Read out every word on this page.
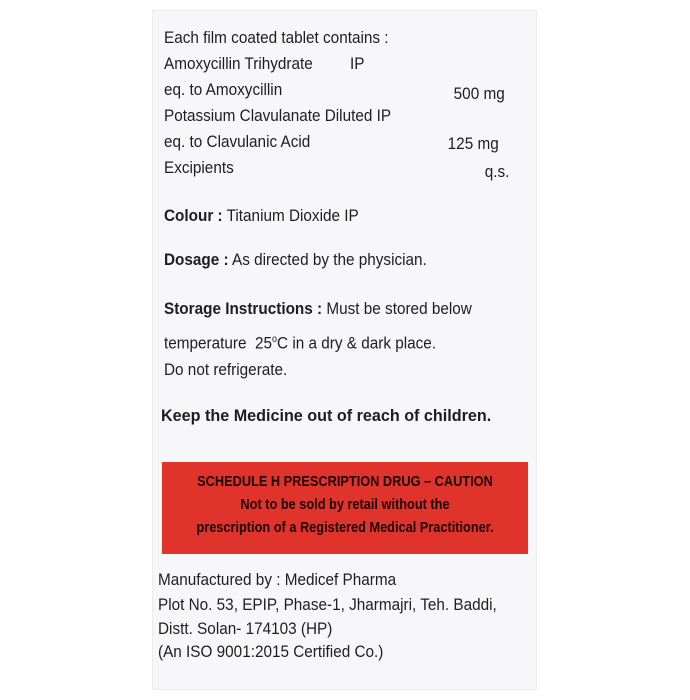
Each film coated tablet contains :
Amoxycillin Trihydrate IP
eq. to Amoxycillin	500 mg
Potassium Clavulanate Diluted IP
eq. to Clavulanic Acid	125 mg
Excipients	q.s.
Colour : Titanium Dioxide IP
Dosage : As directed by the physician.
Storage Instructions : Must be stored below
temperature 25$^o$C in a dry & dark place.
Do not refrigerate.
Keep the Medicine out of reach of children.
SCHEDULE H PRESCRIPTION DRUG – CAUTION
Not to be sold by retail without the
prescription of a Registered Medical Practitioner.
Manufactured by : Medicef Pharma
Plot No. 53, EPIP, Phase-1, Jharmajri, Teh. Baddi,
Distt. Solan- 174103 (HP)
(An ISO 9001:2015 Certified Co.)
